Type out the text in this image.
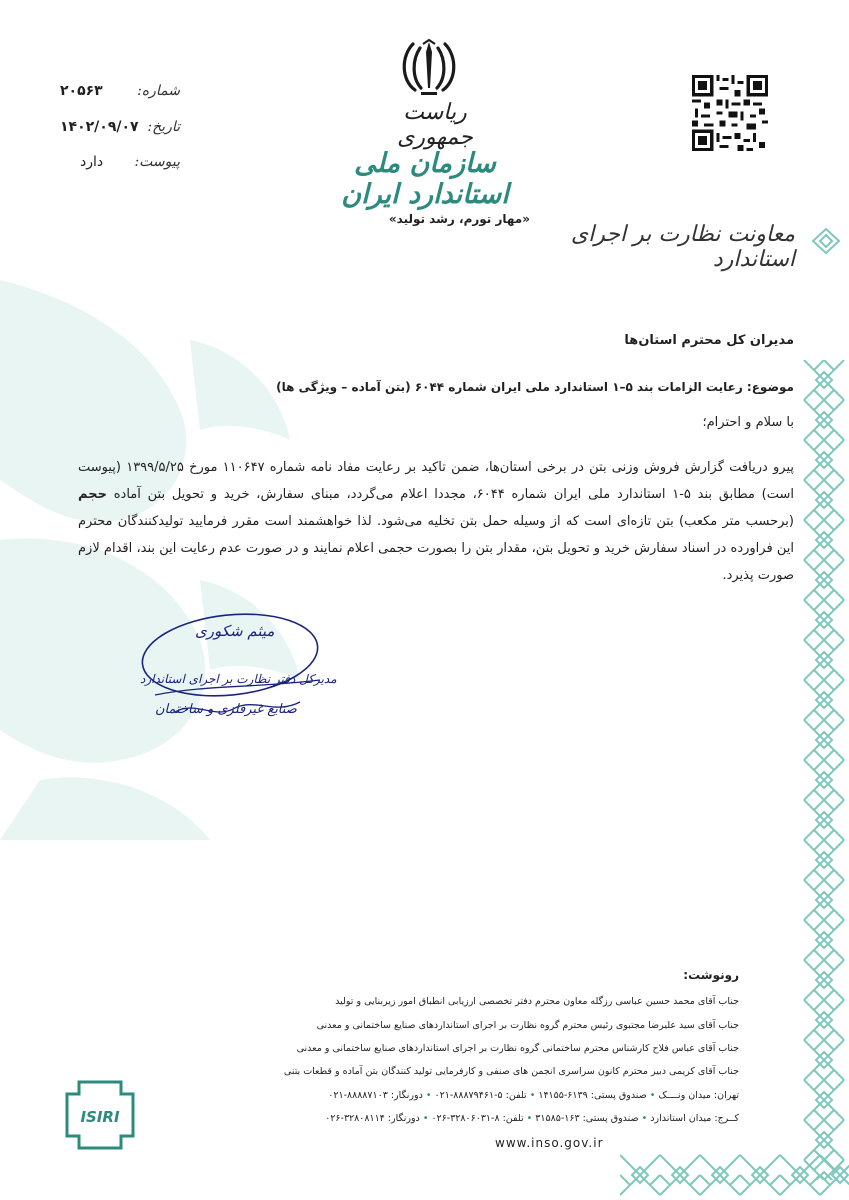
شماره:
۲۰۵۶۳
تاریخ:
۱۴۰۲/۰۹/۰۷
پیوست:
دارد
ریاست جمهوری
سازمان ملی استاندارد ایران
«مهار تورم، رشد تولید»
معاونت نظارت بر اجرای استاندارد
مدیران کل محترم استان‌ها
موضوع: رعایت الزامات بند ۵–۱ استاندارد ملی ایران شماره ۶۰۴۴ (بتن آماده – ویژگی ها)
با سلام و احترام؛

پیرو دریافت گزارش فروش وزنی بتن در برخی استان‌ها، ضمن تاکید بر رعایت مفاد نامه شماره ۱۱۰۶۴۷ مورخ ۱۳۹۹/۵/۲۵ (پیوست است) مطابق بند ۵-۱ استاندارد ملی ایران شماره ۶۰۴۴، مجددا اعلام می‌گردد، مبنای سفارش، خرید و تحویل بتن آماده حجم (برحسب متر مکعب) بتن تازه‌ای است که از وسیله حمل بتن تخلیه می‌شود. لذا خواهشمند است مقرر فرمایید تولیدکنندگان محترم این فراورده در اسناد سفارش خرید و تحویل بتن، مقدار بتن را بصورت حجمی اعلام نمایند و در صورت عدم رعایت این بند، اقدام لازم صورت پذیرد.

میثم شکوری
مدیرکل دفتر نظارت بر اجرای استاندارد
صنایع غیرفلزی و ساختمان
رونوشت:
جناب آقای محمد حسین عباسی رزگله معاون محترم دفتر تخصصی ارزیابی انطباق امور زیربنایی و تولید
جناب آقای سید علیرضا مجتبوی رئیس محترم گروه نظارت بر اجرای استانداردهای صنایع ساختمانی و معدنی
جناب آقای عباس فلاح کارشناس محترم ساختمانی گروه نظارت بر اجرای استانداردهای صنایع ساختمانی و معدنی
جناب آقای کریمی دبیر محترم کانون سراسری انجمن های صنفی و کارفرمایی تولید کنندگان بتن آماده و قطعات بتنی
تهران: میدان ونــــک • صندوق پستی: ۶۱۳۹-۱۴۱۵۵ • تلفن: ۵-۸۸۸۷۹۴۶۱-۰۲۱ • دورنگار: ۸۸۸۸۷۱۰۳-۰۲۱
کــرج: میدان استاندارد • صندوق پستی: ۱۶۳-۳۱۵۸۵ • تلفن: ۸-۳۲۸۰۶۰۳۱-۰۲۶ • دورنگار: ۳۲۸۰۸۱۱۴-۰۲۶
www.inso.gov.ir
ISIRI
